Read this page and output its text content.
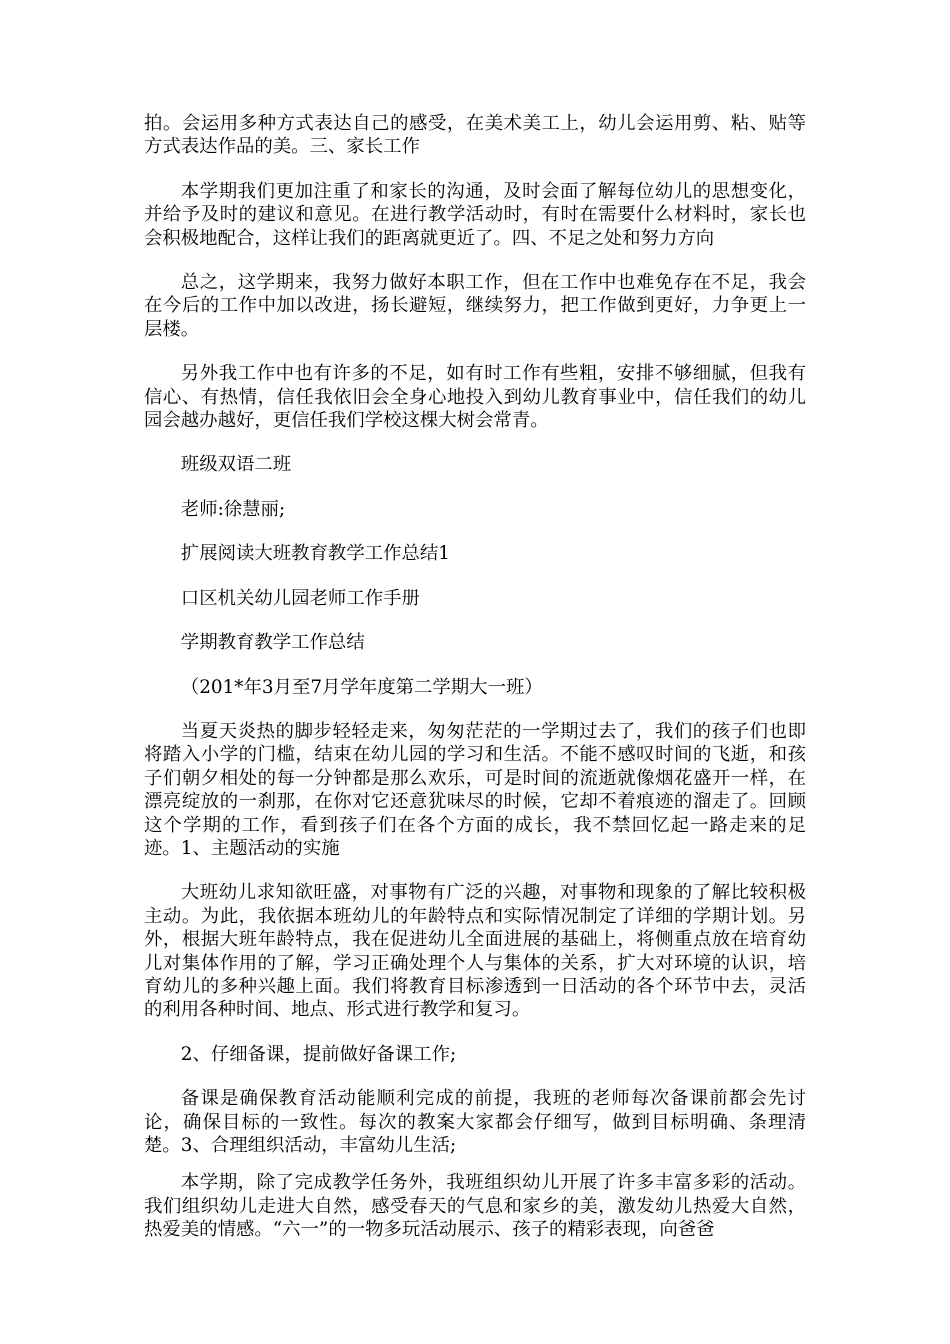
拍。会运用多种方式表达自己的感受，在美术美工上，幼儿会运用剪、粘、贴等方式表达作品的美。三、家长工作

本学期我们更加注重了和家长的沟通，及时会面了解每位幼儿的思想变化，并给予及时的建议和意见。在进行教学活动时，有时在需要什么材料时，家长也会积极地配合，这样让我们的距离就更近了。四、不足之处和努力方向

总之，这学期来，我努力做好本职工作，但在工作中也难免存在不足，我会在今后的工作中加以改进，扬长避短，继续努力，把工作做到更好，力争更上一层楼。

另外我工作中也有许多的不足，如有时工作有些粗，安排不够细腻，但我有信心、有热情，信任我依旧会全身心地投入到幼儿教育事业中，信任我们的幼儿园会越办越好，更信任我们学校这棵大树会常青。

班级双语二班

老师:徐慧丽;

扩展阅读大班教育教学工作总结1

口区机关幼儿园老师工作手册

学期教育教学工作总结

（201*年3月至7月学年度第二学期大一班）

当夏天炎热的脚步轻轻走来，匆匆茫茫的一学期过去了，我们的孩子们也即将踏入小学的门槛，结束在幼儿园的学习和生活。不能不感叹时间的飞逝，和孩子们朝夕相处的每一分钟都是那么欢乐，可是时间的流逝就像烟花盛开一样，在漂亮绽放的一刹那，在你对它还意犹味尽的时候，它却不着痕迹的溜走了。回顾这个学期的工作，看到孩子们在各个方面的成长，我不禁回忆起一路走来的足迹。1、主题活动的实施

大班幼儿求知欲旺盛，对事物有广泛的兴趣，对事物和现象的了解比较积极主动。为此，我依据本班幼儿的年龄特点和实际情况制定了详细的学期计划。另外，根据大班年龄特点，我在促进幼儿全面进展的基础上，将侧重点放在培育幼儿对集体作用的了解，学习正确处理个人与集体的关系，扩大对环境的认识，培育幼儿的多种兴趣上面。我们将教育目标渗透到一日活动的各个环节中去，灵活的利用各种时间、地点、形式进行教学和复习。

2、仔细备课，提前做好备课工作;

备课是确保教育活动能顺利完成的前提，我班的老师每次备课前都会先讨论，确保目标的一致性。每次的教案大家都会仔细写，做到目标明确、条理清楚。3、合理组织活动，丰富幼儿生活;

本学期，除了完成教学任务外，我班组织幼儿开展了许多丰富多彩的活动。我们组织幼儿走进大自然，感受春天的气息和家乡的美，激发幼儿热爱大自然，热爱美的情感。“六一”的一物多玩活动展示、孩子的精彩表现，向爸爸
